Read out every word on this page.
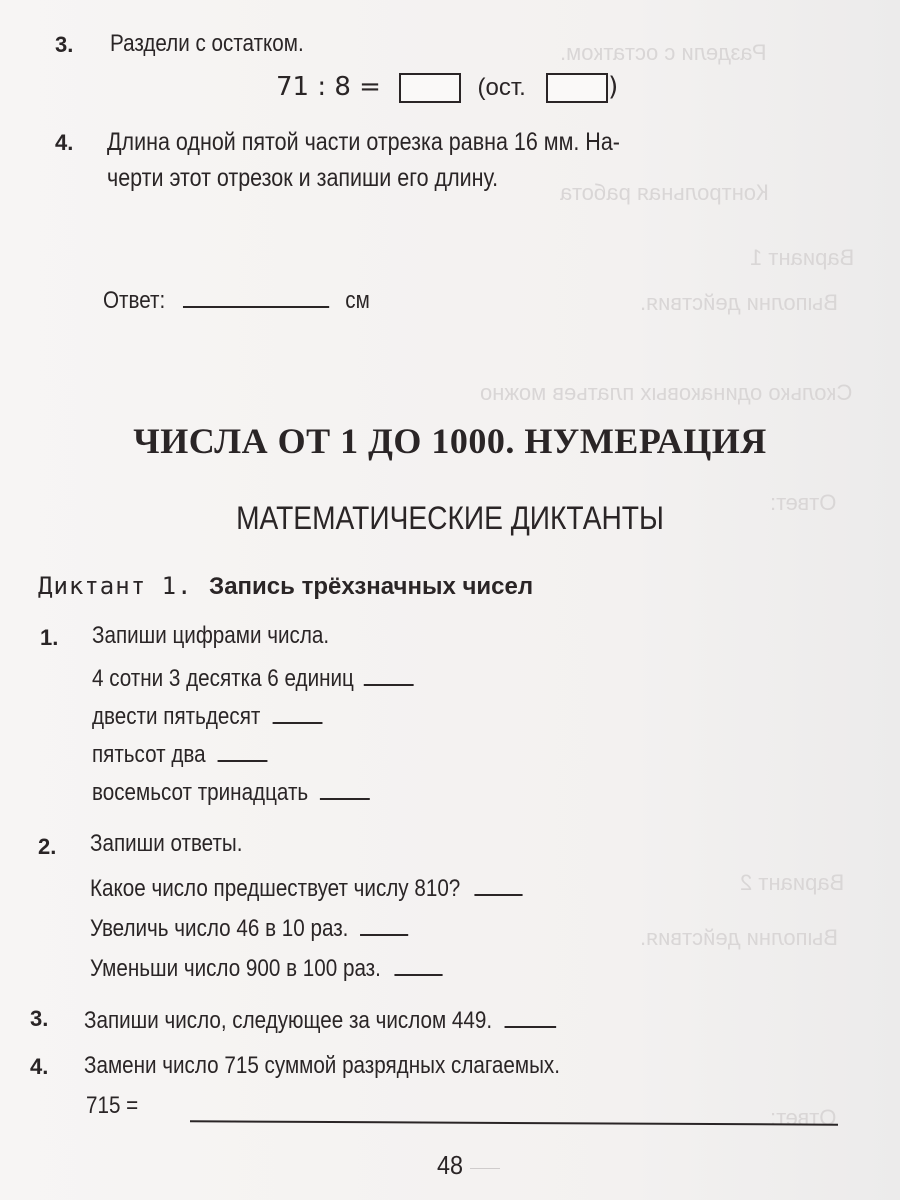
Раздели с остатком.
Контрольная работа
Вариант 1
Выполни действия.
Сколько одинаковых платьев можно
Ответ:
Вариант 2
Выполни действия.
Ответ:
3. Раздели с остатком.
71 : 8 =	(ост.	)
4. Длина одной пятой части отрезка равна 16 мм. На-
черти этот отрезок и запиши его длину.
Ответ:	см
ЧИСЛА ОТ 1 ДО 1000. НУМЕРАЦИЯ
МАТЕМАТИЧЕСКИЕ ДИКТАНТЫ
Диктант 1. Запись трёхзначных чисел
1. Запиши цифрами числа.
4 сотни 3 десятка 6 единиц
двести пятьдесят
пятьсот два
восемьсот тринадцать
2. Запиши ответы.
Какое число предшествует числу 810?
Увеличь число 46 в 10 раз.
Уменьши число 900 в 100 раз.
3. Запиши число, следующее за числом 449.
4. Замени число 715 суммой разрядных слагаемых.
715 =
48
